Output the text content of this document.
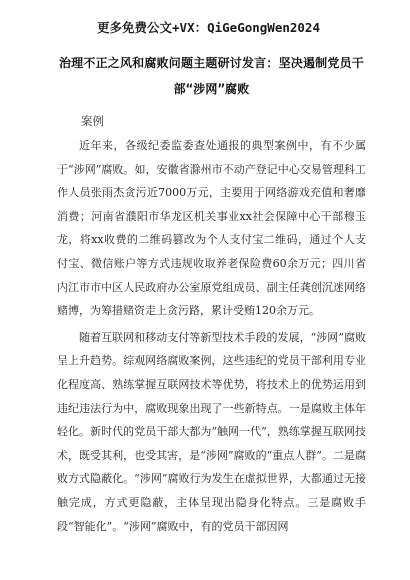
更多免费公文+VX：QiGeGongWen2024
治理不正之风和腐败问题主题研讨发言：坚决遏制党员干部“涉网”腐败
案例

近年来，各级纪委监委查处通报的典型案例中，有不少属于“涉网”腐败。如，安徽省滁州市不动产登记中心交易管理科工作人员张雨杰贪污近7000万元，主要用于网络游戏充值和奢靡消费；河南省濮阳市华龙区机关事业xx社会保障中心干部穆玉龙，将xx收费的二维码篡改为个人支付宝二维码，通过个人支付宝、微信账户等方式违规收取养老保险费60余万元；四川省内江市市中区人民政府办公室原党组成员、副主任龚创沉迷网络赌博，为筹措赌资走上贪污路，累计受贿120余万元。

随着互联网和移动支付等新型技术手段的发展，“涉网”腐败呈上升趋势。综观网络腐败案例，这些违纪的党员干部利用专业化程度高、熟练掌握互联网技术等优势，将技术上的优势运用到违纪违法行为中，腐败现象出现了一些新特点。一是腐败主体年轻化。新时代的党员干部大都为“触网一代”，熟练掌握互联网技术，既受其利，也受其害，是“涉网”腐败的“重点人群”。二是腐败方式隐蔽化。“涉网”腐败行为发生在虚拟世界，大都通过无接触完成，方式更隐蔽，主体呈现出隐身化特点。三是腐败手段“智能化”。“涉网”腐败中，有的党员干部因网
